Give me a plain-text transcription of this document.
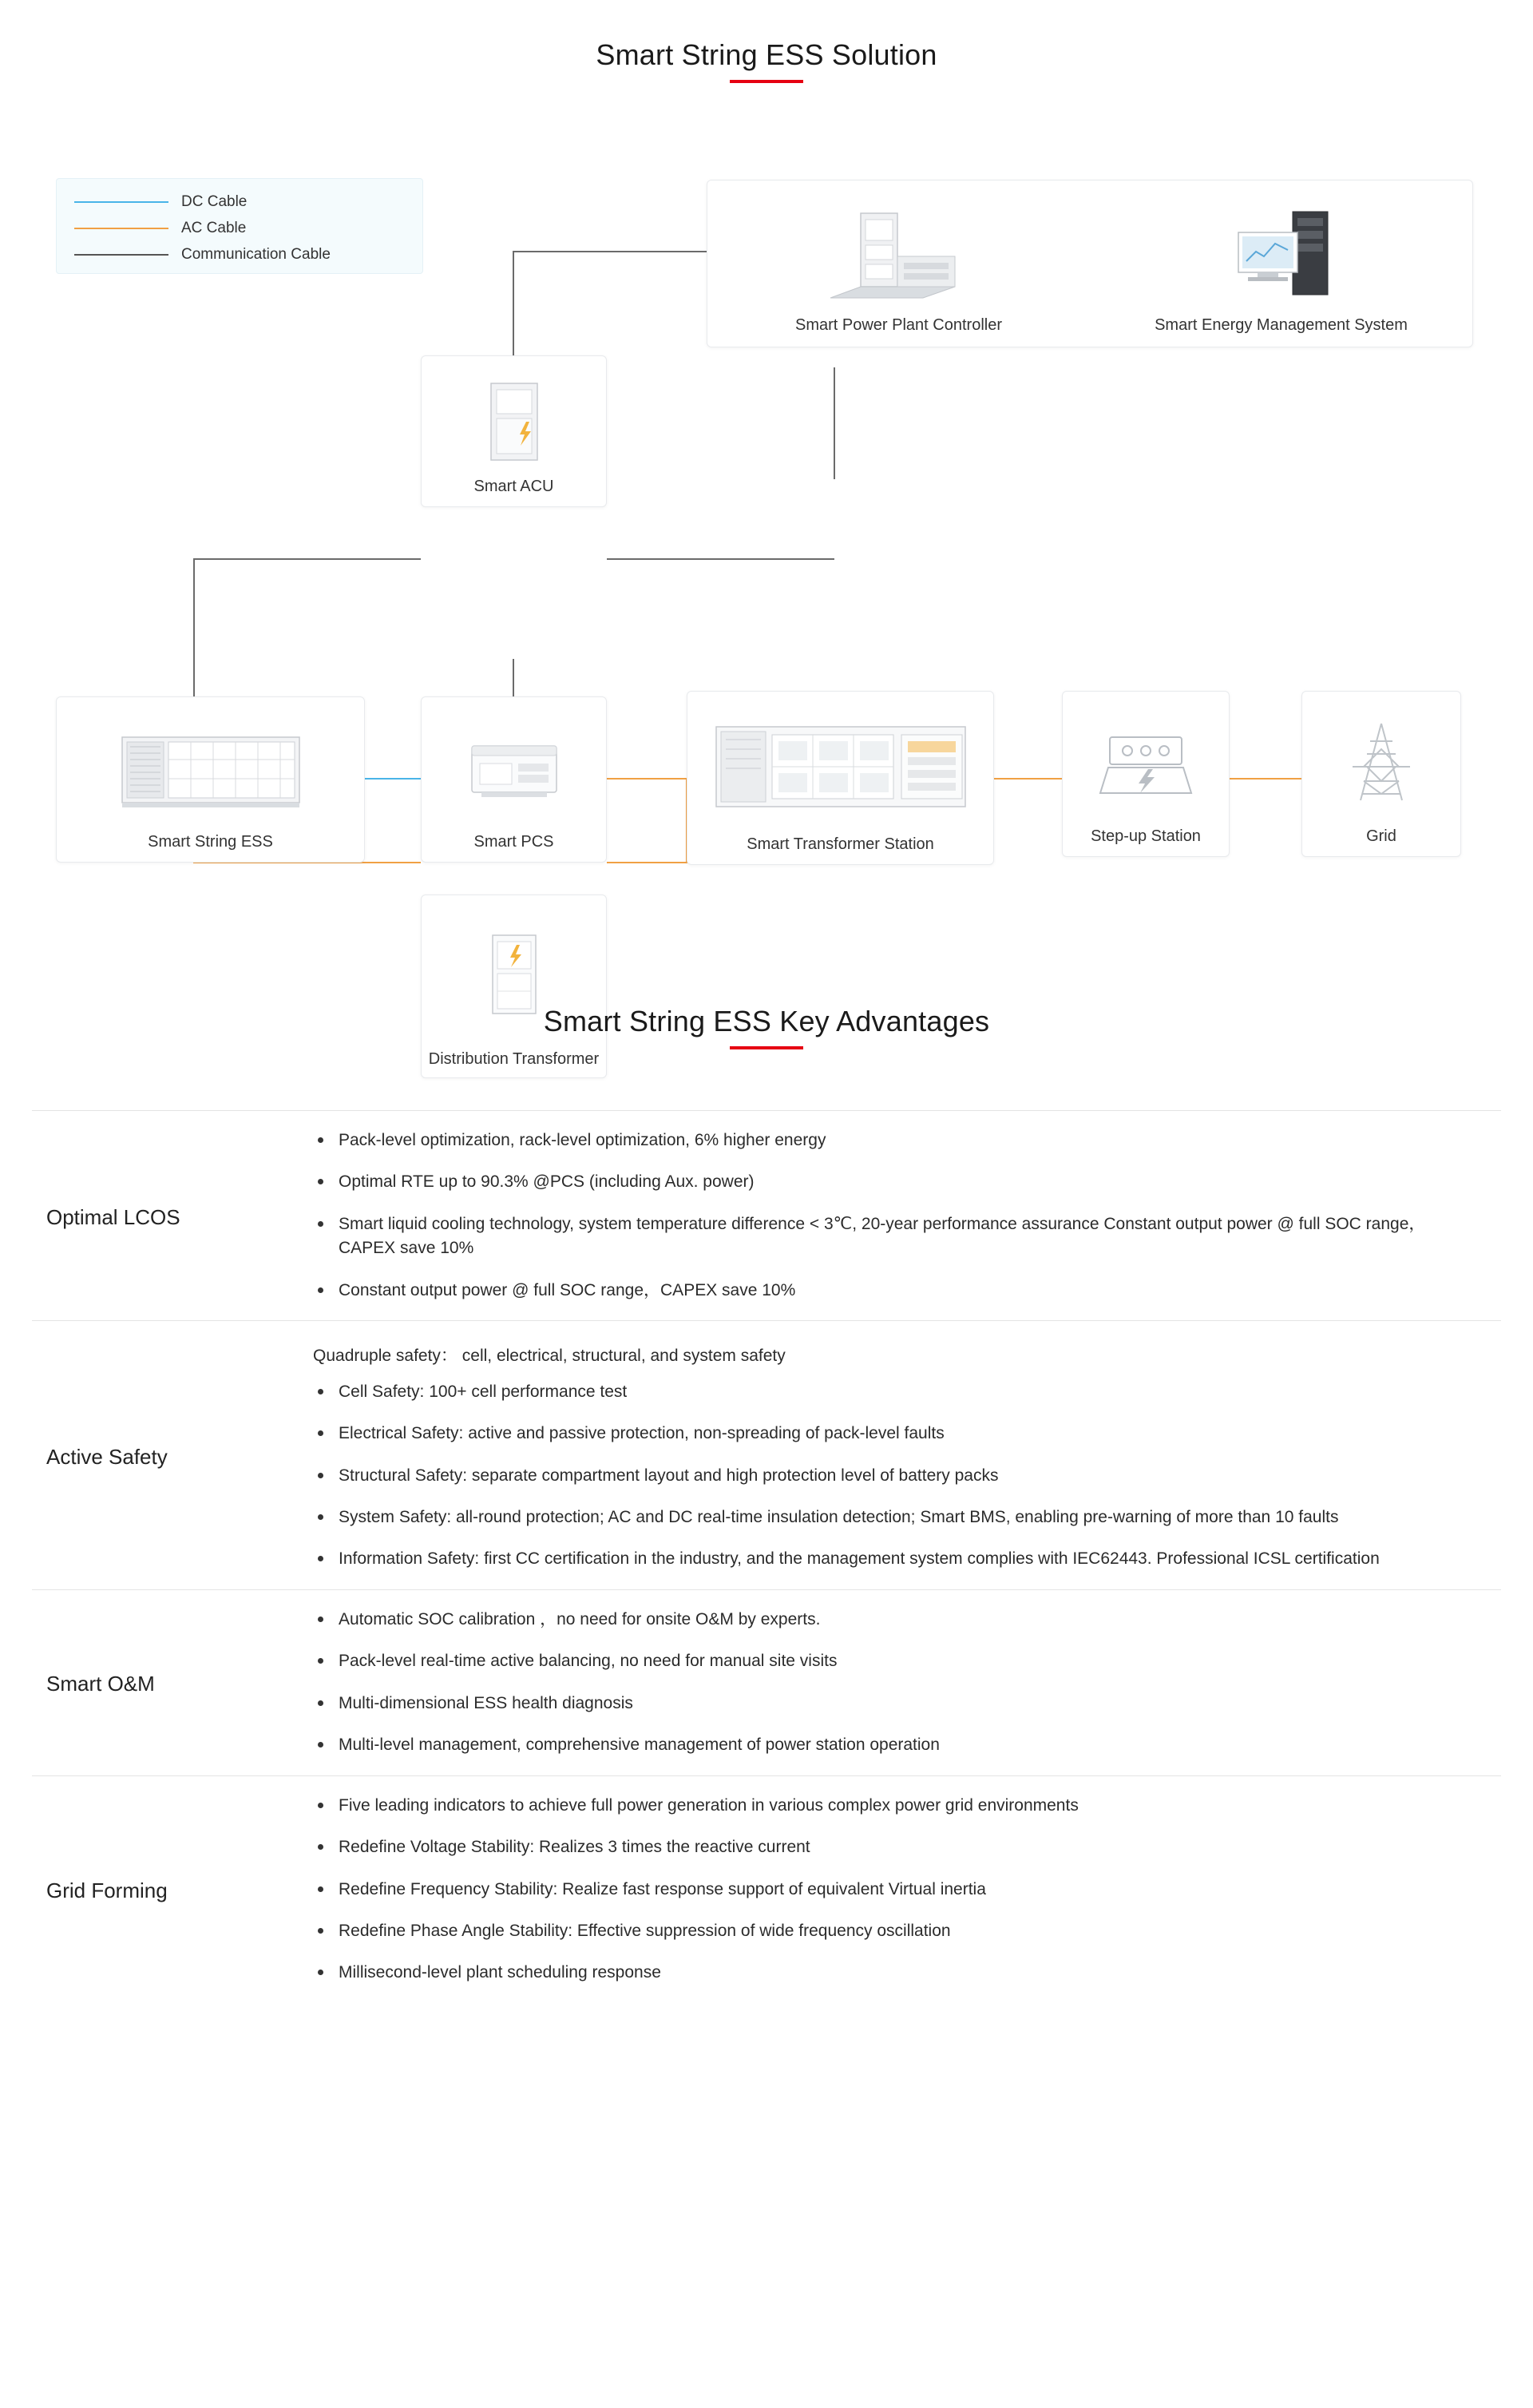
Smart String ESS Solution
DC Cable
AC Cable
Communication Cable
Smart Power Plant Controller	Smart Energy Management System
Smart ACU
Smart String ESS	Smart PCS	Smart Transformer Station	Step-up Station	Grid
Distribution Transformer
Smart String ESS Key Advantages
Optimal LCOS
Pack-level optimization, rack-level optimization, 6% higher energy
Optimal RTE up to 90.3% @PCS (including Aux. power)
Smart liquid cooling technology, system temperature difference < 3℃, 20-year performance assurance Constant output power @ full SOC range，CAPEX save 10%
Constant output power @ full SOC range，CAPEX save 10%
Active Safety
Quadruple safety： cell, electrical, structural, and system safety
Cell Safety: 100+ cell performance test
Electrical Safety: active and passive protection, non-spreading of pack-level faults
Structural Safety: separate compartment layout and high protection level of battery packs
System Safety: all-round protection; AC and DC real-time insulation detection; Smart BMS, enabling pre-warning of more than 10 faults
Information Safety: first CC certification in the industry, and the management system complies with IEC62443. Professional ICSL certification
Smart O&M
Automatic SOC calibration ，no need for onsite O&M by experts.
Pack-level real-time active balancing, no need for manual site visits
Multi-dimensional ESS health diagnosis
Multi-level management, comprehensive management of power station operation
Grid Forming
Five leading indicators to achieve full power generation in various complex power grid environments
Redefine Voltage Stability: Realizes 3 times the reactive current
Redefine Frequency Stability: Realize fast response support of equivalent Virtual inertia
Redefine Phase Angle Stability: Effective suppression of wide frequency oscillation
Millisecond-level plant scheduling response
